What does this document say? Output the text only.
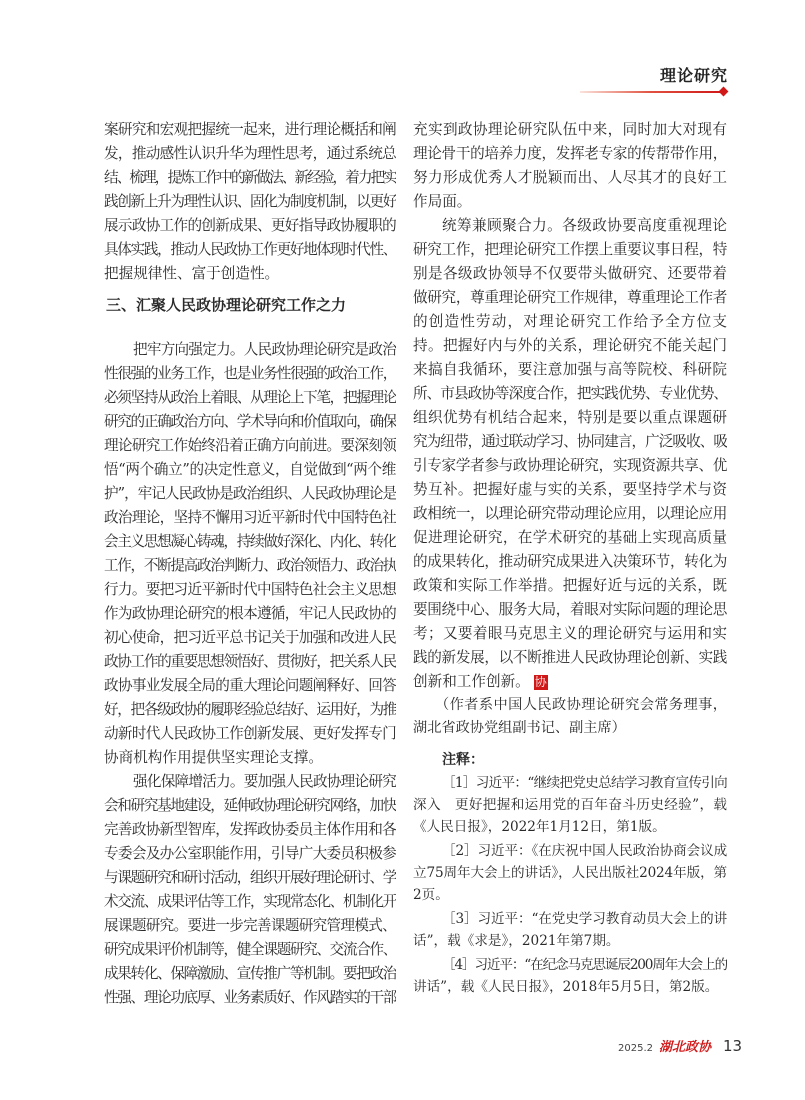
理论研究
案研究和宏观把握统一起来，进行理论概括和阐
发，推动感性认识升华为理性思考，通过系统总
结、梳理，提炼工作中的新做法、新经验，着力把实
践创新上升为理性认识、固化为制度机制，以更好
展示政协工作的创新成果、更好指导政协履职的
具体实践，推动人民政协工作更好地体现时代性、
把握规律性、富于创造性。
三、汇聚人民政协理论研究工作之力
把牢方向强定力。人民政协理论研究是政治
性很强的业务工作，也是业务性很强的政治工作，
必须坚持从政治上着眼、从理论上下笔，把握理论
研究的正确政治方向、学术导向和价值取向，确保
理论研究工作始终沿着正确方向前进。要深刻领
悟“两个确立”的决定性意义，自觉做到“两个维
护”，牢记人民政协是政治组织、人民政协理论是
政治理论，坚持不懈用习近平新时代中国特色社
会主义思想凝心铸魂，持续做好深化、内化、转化
工作，不断提高政治判断力、政治领悟力、政治执
行力。要把习近平新时代中国特色社会主义思想
作为政协理论研究的根本遵循，牢记人民政协的
初心使命，把习近平总书记关于加强和改进人民
政协工作的重要思想领悟好、贯彻好，把关系人民
政协事业发展全局的重大理论问题阐释好、回答
好，把各级政协的履职经验总结好、运用好，为推
动新时代人民政协工作创新发展、更好发挥专门
协商机构作用提供坚实理论支撑。
强化保障增活力。要加强人民政协理论研究
会和研究基地建设，延伸政协理论研究网络，加快
完善政协新型智库，发挥政协委员主体作用和各
专委会及办公室职能作用，引导广大委员积极参
与课题研究和研讨活动，组织开展好理论研讨、学
术交流、成果评估等工作，实现常态化、机制化开
展课题研究。要进一步完善课题研究管理模式、
研究成果评价机制等，健全课题研究、交流合作、
成果转化、保障激励、宣传推广等机制。要把政治
性强、理论功底厚、业务素质好、作风踏实的干部
充实到政协理论研究队伍中来，同时加大对现有
理论骨干的培养力度，发挥老专家的传帮带作用，
努力形成优秀人才脱颖而出、人尽其才的良好工
作局面。
统筹兼顾聚合力。各级政协要高度重视理论
研究工作，把理论研究工作摆上重要议事日程，特
别是各级政协领导不仅要带头做研究、还要带着
做研究，尊重理论研究工作规律，尊重理论工作者
的创造性劳动，对理论研究工作给予全方位支
持。把握好内与外的关系，理论研究不能关起门
来搞自我循环，要注意加强与高等院校、科研院
所、市县政协等深度合作，把实践优势、专业优势、
组织优势有机结合起来，特别是要以重点课题研
究为纽带，通过联动学习、协同建言，广泛吸收、吸
引专家学者参与政协理论研究，实现资源共享、优
势互补。把握好虚与实的关系，要坚持学术与资
政相统一，以理论研究带动理论应用，以理论应用
促进理论研究，在学术研究的基础上实现高质量
的成果转化，推动研究成果进入决策环节，转化为
政策和实际工作举措。把握好近与远的关系，既
要围绕中心、服务大局，着眼对实际问题的理论思
考；又要着眼马克思主义的理论研究与运用和实
践的新发展，以不断推进人民政协理论创新、实践
创新和工作创新。 协
（作者系中国人民政协理论研究会常务理事，
湖北省政协党组副书记、副主席）
注释：
［1］习近平：“继续把党史总结学习教育宣传引向
深入　更好把握和运用党的百年奋斗历史经验”，载
《人民日报》，2022年1月12日，第1版。
［2］习近平：《在庆祝中国人民政治协商会议成
立75周年大会上的讲话》，人民出版社2024年版，第
2页。
［3］习近平：“在党史学习教育动员大会上的讲
话”，载《求是》，2021年第7期。
［4］习近平：“在纪念马克思诞辰200周年大会上的
讲话”，载《人民日报》，2018年5月5日，第2版。
2025.2 湖北政协 13
